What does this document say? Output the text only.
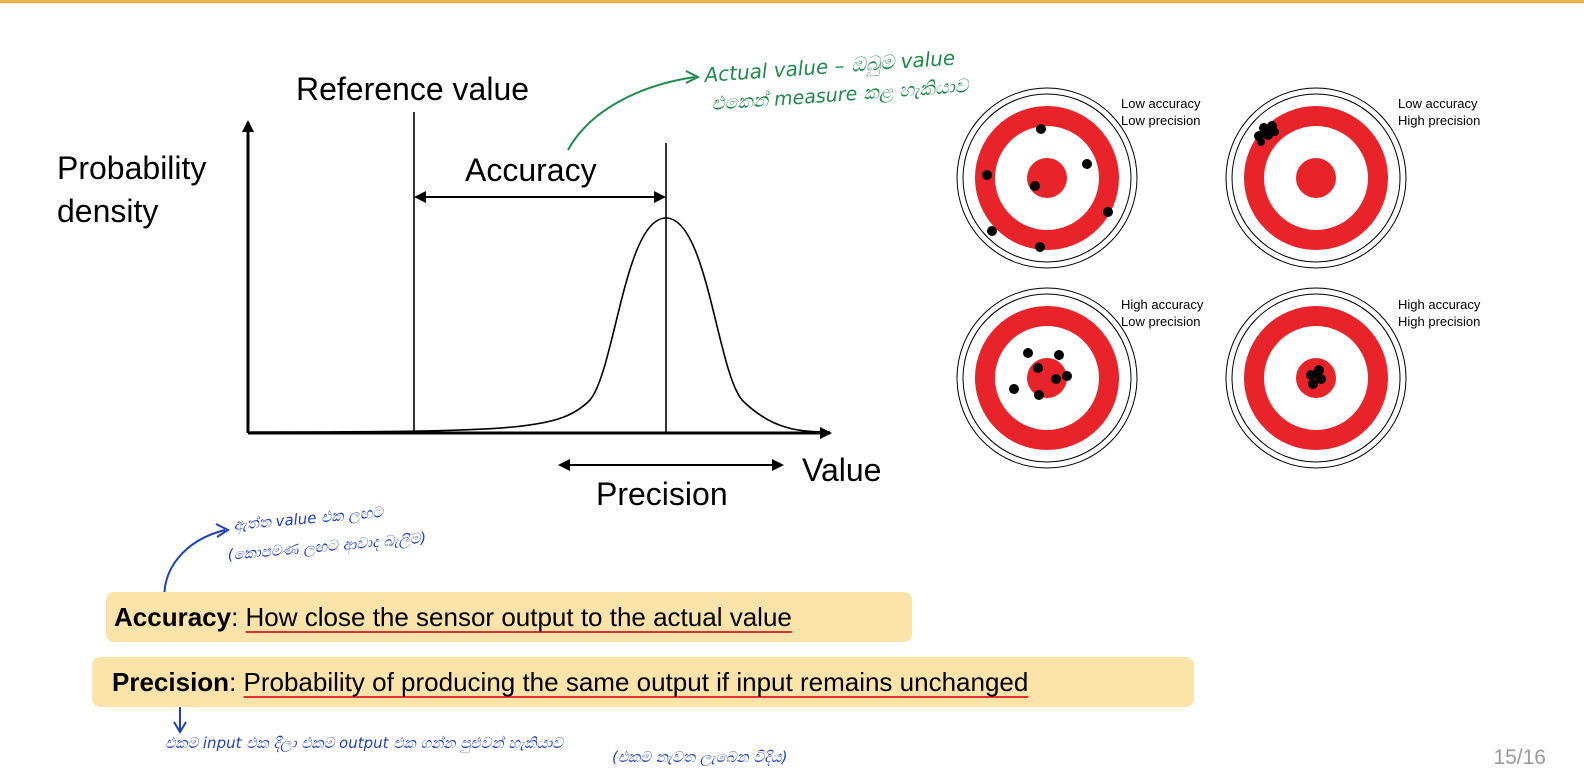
Reference value
Probability
density
Accuracy
Precision
Value
Low accuracy
Low precision
Low accuracy
High precision
High accuracy
Low precision
High accuracy
High precision
Actual value – ඔබුම value
එකෙන් measure කළ හැකියාව
ඇත්ත value එක ලඟට
(කොපමණ ලඟට ආවාද බැලීම)
එකම input එක දීලා එකම output එක ගන්න පුළුවන් හැකියාව
(එකම නැවත ලැබෙන විදිය)
Accuracy: How close the sensor output to the actual value
Precision: Probability of producing the same output if input remains unchanged
15/16
